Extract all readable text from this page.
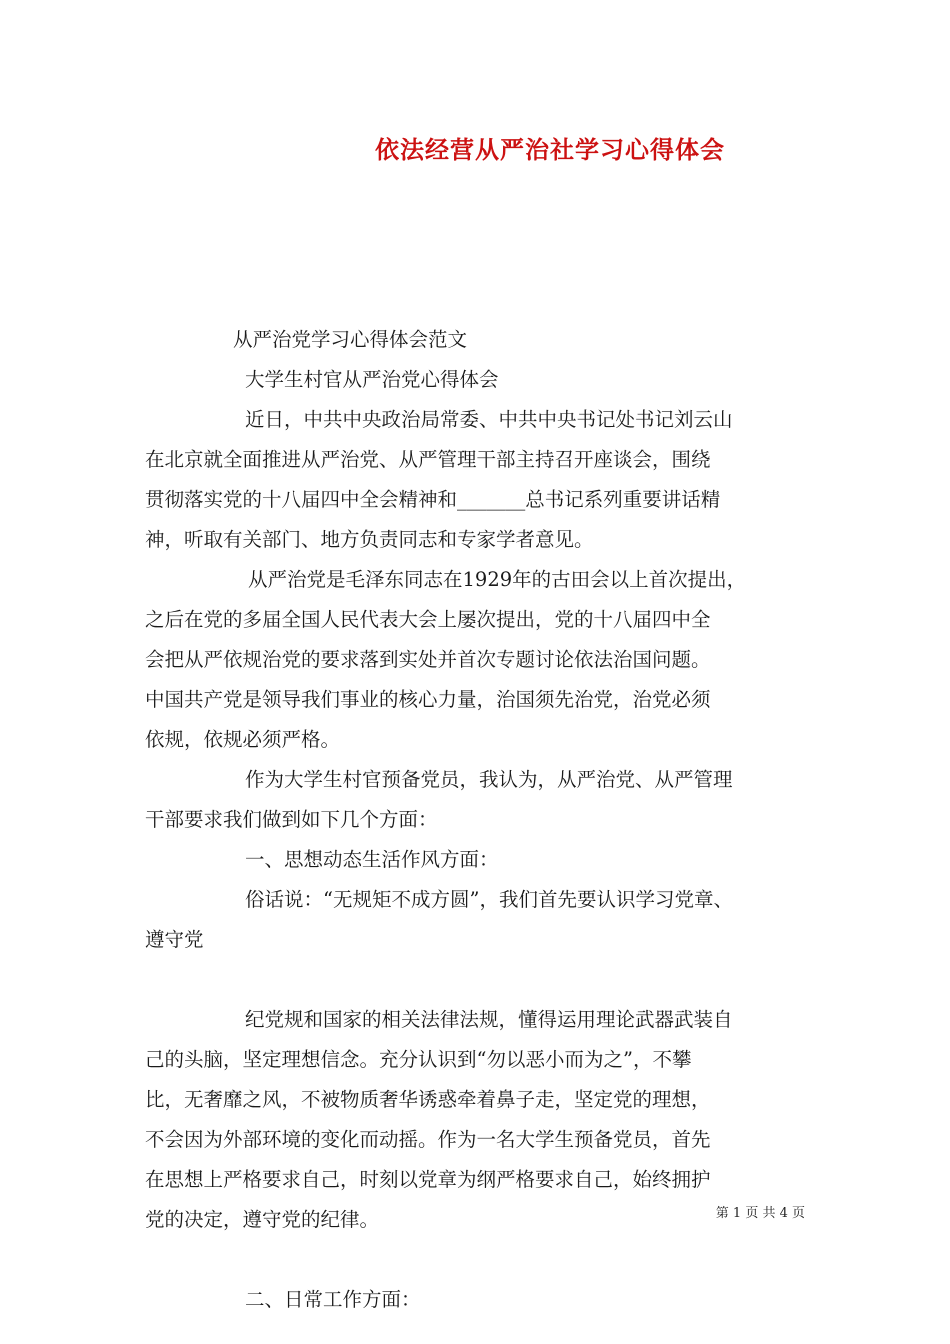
依法经营从严治社学习心得体会
从严治党学习心得体会范文
大学生村官从严治党心得体会
近日，中共中央政治局常委、中共中央书记处书记刘云山
在北京就全面推进从严治党、从严管理干部主持召开座谈会，围绕
贯彻落实党的十八届四中全会精神和_______总书记系列重要讲话精
神，听取有关部门、地方负责同志和专家学者意见。
从严治党是毛泽东同志在1929年的古田会以上首次提出，
之后在党的多届全国人民代表大会上屡次提出，党的十八届四中全
会把从严依规治党的要求落到实处并首次专题讨论依法治国问题。
中国共产党是领导我们事业的核心力量，治国须先治党，治党必须
依规，依规必须严格。
作为大学生村官预备党员，我认为，从严治党、从严管理
干部要求我们做到如下几个方面：
一、思想动态生活作风方面：
俗话说：“无规矩不成方圆”，我们首先要认识学习党章、
遵守党
纪党规和国家的相关法律法规，懂得运用理论武器武装自
己的头脑，坚定理想信念。充分认识到“勿以恶小而为之”，不攀
比，无奢靡之风，不被物质奢华诱惑牵着鼻子走，坚定党的理想，
不会因为外部环境的变化而动摇。作为一名大学生预备党员，首先
在思想上严格要求自己，时刻以党章为纲严格要求自己，始终拥护
党的决定，遵守党的纪律。
二、日常工作方面：
第 1 页 共 4 页
